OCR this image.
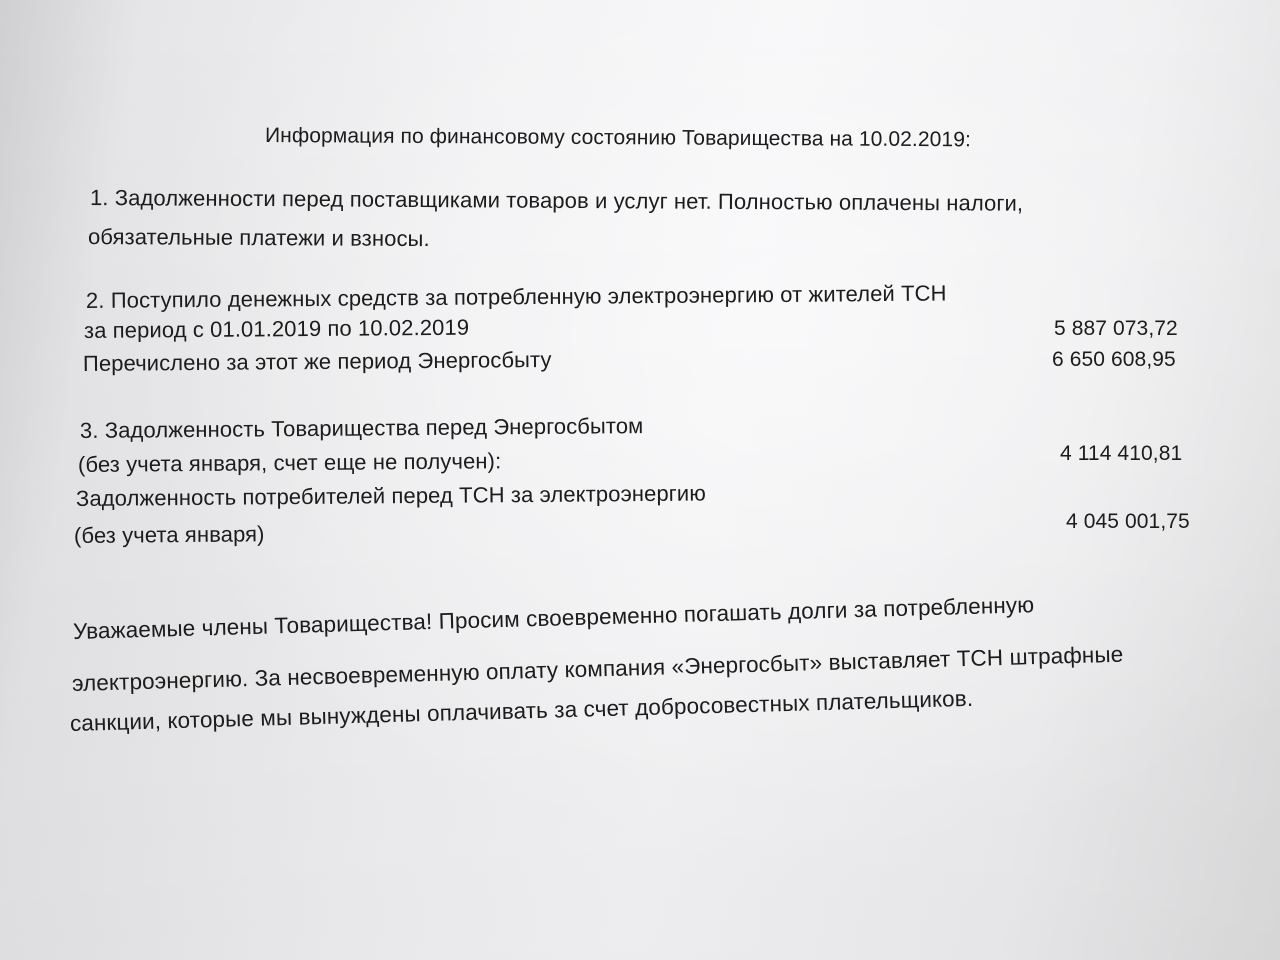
Информация по финансовому состоянию Товарищества на 10.02.2019:
1. Задолженности перед поставщиками товаров и услуг нет. Полностью оплачены налоги,
обязательные платежи и взносы.
2. Поступило денежных средств за потребленную электроэнергию от жителей ТСН
за период с 01.01.2019 по 10.02.2019	5 887 073,72
Перечислено за этот же период Энергосбыту	6 650 608,95
3. Задолженность Товарищества перед Энергосбытом
(без учета января, счет еще не получен):	4 114 410,81
Задолженность потребителей перед ТСН за электроэнергию
(без учета января)	4 045 001,75
Уважаемые члены Товарищества! Просим своевременно погашать долги за потребленную
электроэнергию. За несвоевременную оплату компания «Энергосбыт» выставляет ТСН штрафные
санкции, которые мы вынуждены оплачивать за счет добросовестных плательщиков.
